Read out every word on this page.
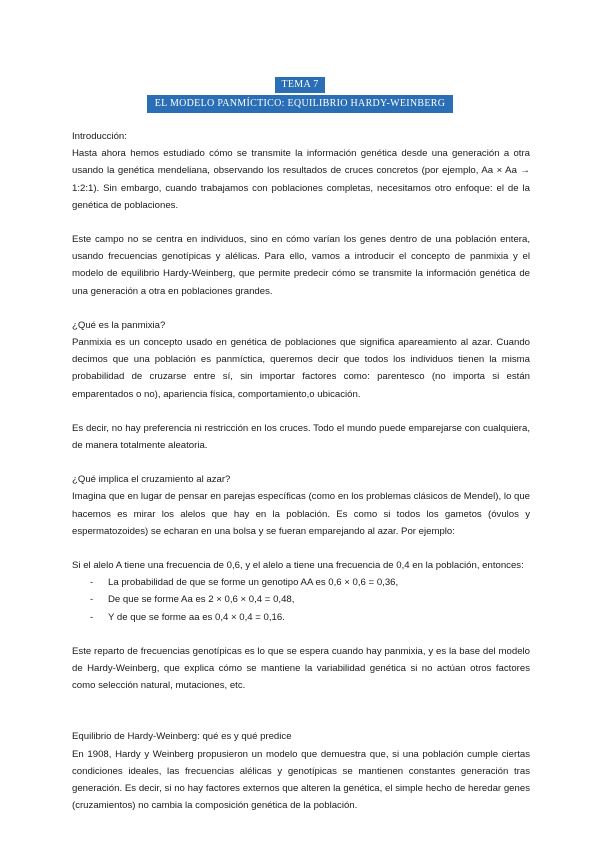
TEMA 7
EL MODELO PANMÍCTICO: EQUILIBRIO HARDY-WEINBERG

Introducción:

Hasta ahora hemos estudiado cómo se transmite la información genética desde una generación a otra usando la genética mendeliana, observando los resultados de cruces concretos (por ejemplo, Aa × Aa → 1:2:1). Sin embargo, cuando trabajamos con poblaciones completas, necesitamos otro enfoque: el de la genética de poblaciones.

Este campo no se centra en individuos, sino en cómo varían los genes dentro de una población entera, usando frecuencias genotípicas y alélicas. Para ello, vamos a introducir el concepto de panmixia y el modelo de equilibrio Hardy-Weinberg, que permite predecir cómo se transmite la información genética de una generación a otra en poblaciones grandes.

¿Qué es la panmixia?

Panmixia es un concepto usado en genética de poblaciones que significa apareamiento al azar. Cuando decimos que una población es panmíctica, queremos decir que todos los individuos tienen la misma probabilidad de cruzarse entre sí, sin importar factores como: parentesco (no importa si están emparentados o no), apariencia física, comportamiento,o ubicación.

Es decir, no hay preferencia ni restricción en los cruces. Todo el mundo puede emparejarse con cualquiera, de manera totalmente aleatoria.

¿Qué implica el cruzamiento al azar?

Imagina que en lugar de pensar en parejas específicas (como en los problemas clásicos de Mendel), lo que hacemos es mirar los alelos que hay en la población. Es como si todos los gametos (óvulos y espermatozoides) se echaran en una bolsa y se fueran emparejando al azar. Por ejemplo:

Si el alelo A tiene una frecuencia de 0,6, y el alelo a tiene una frecuencia de 0,4 en la población, entonces:

- La probabilidad de que se forme un genotipo AA es 0,6 × 0,6 = 0,36,
- De que se forme Aa es 2 × 0,6 × 0,4 = 0,48,
- Y de que se forme aa es 0,4 × 0,4 = 0,16.

Este reparto de frecuencias genotípicas es lo que se espera cuando hay panmixia, y es la base del modelo de Hardy-Weinberg, que explica cómo se mantiene la variabilidad genética si no actúan otros factores como selección natural, mutaciones, etc.

Equilibrio de Hardy-Weinberg: qué es y qué predice

En 1908, Hardy y Weinberg propusieron un modelo que demuestra que, si una población cumple ciertas condiciones ideales, las frecuencias alélicas y genotípicas se mantienen constantes generación tras generación. Es decir, si no hay factores externos que alteren la genética, el simple hecho de heredar genes (cruzamientos) no cambia la composición genética de la población.
